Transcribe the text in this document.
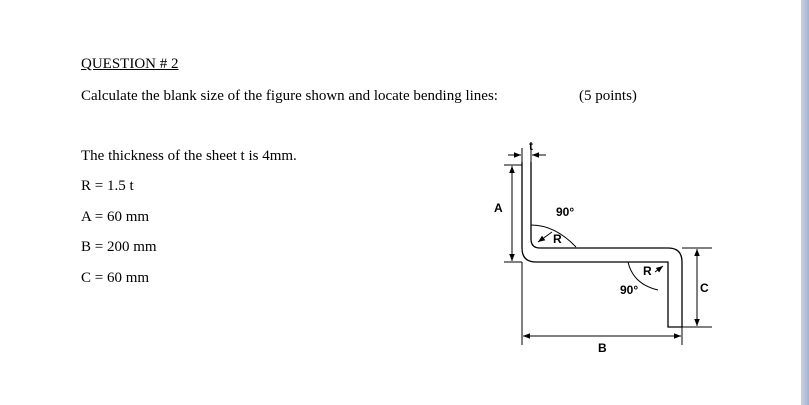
QUESTION # 2
Calculate the blank size of the figure shown and locate bending lines:	(5 points)
The thickness of the sheet t is 4mm.
R = 1.5 t
A = 60 mm
B = 200 mm
C = 60 mm
t
A
B
C
90°
R
90°
R
